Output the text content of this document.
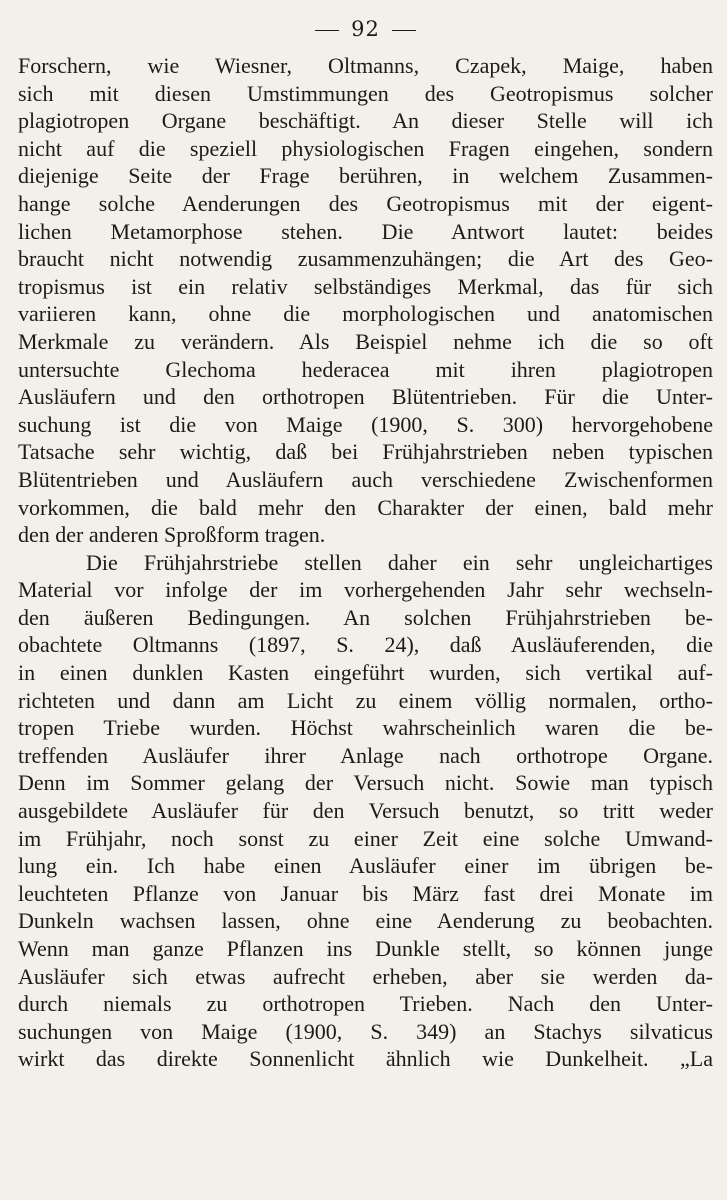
92
Forschern, wie Wiesner, Oltmanns, Czapek, Maige, haben
sich mit diesen Umstimmungen des Geotropismus solcher
plagiotropen Organe beschäftigt. An dieser Stelle will ich
nicht auf die speziell physiologischen Fragen eingehen, sondern
diejenige Seite der Frage berühren, in welchem Zusammen-
hange solche Aenderungen des Geotropismus mit der eigent-
lichen Metamorphose stehen. Die Antwort lautet: beides
braucht nicht notwendig zusammenzuhängen; die Art des Geo-
tropismus ist ein relativ selbständiges Merkmal, das für sich
variieren kann, ohne die morphologischen und anatomischen
Merkmale zu verändern. Als Beispiel nehme ich die so oft
untersuchte Glechoma hederacea mit ihren plagiotropen
Ausläufern und den orthotropen Blütentrieben. Für die Unter-
suchung ist die von Maige (1900, S. 300) hervorgehobene
Tatsache sehr wichtig, daß bei Frühjahrstrieben neben typischen
Blütentrieben und Ausläufern auch verschiedene Zwischenformen
vorkommen, die bald mehr den Charakter der einen, bald mehr
den der anderen Sproßform tragen.
Die Frühjahrstriebe stellen daher ein sehr ungleichartiges
Material vor infolge der im vorhergehenden Jahr sehr wechseln-
den äußeren Bedingungen. An solchen Frühjahrstrieben be-
obachtete Oltmanns (1897, S. 24), daß Ausläuferenden, die
in einen dunklen Kasten eingeführt wurden, sich vertikal auf-
richteten und dann am Licht zu einem völlig normalen, ortho-
tropen Triebe wurden. Höchst wahrscheinlich waren die be-
treffenden Ausläufer ihrer Anlage nach orthotrope Organe.
Denn im Sommer gelang der Versuch nicht. Sowie man typisch
ausgebildete Ausläufer für den Versuch benutzt, so tritt weder
im Frühjahr, noch sonst zu einer Zeit eine solche Umwand-
lung ein. Ich habe einen Ausläufer einer im übrigen be-
leuchteten Pflanze von Januar bis März fast drei Monate im
Dunkeln wachsen lassen, ohne eine Aenderung zu beobachten.
Wenn man ganze Pflanzen ins Dunkle stellt, so können junge
Ausläufer sich etwas aufrecht erheben, aber sie werden da-
durch niemals zu orthotropen Trieben. Nach den Unter-
suchungen von Maige (1900, S. 349) an Stachys silvaticus
wirkt das direkte Sonnenlicht ähnlich wie Dunkelheit. „La
